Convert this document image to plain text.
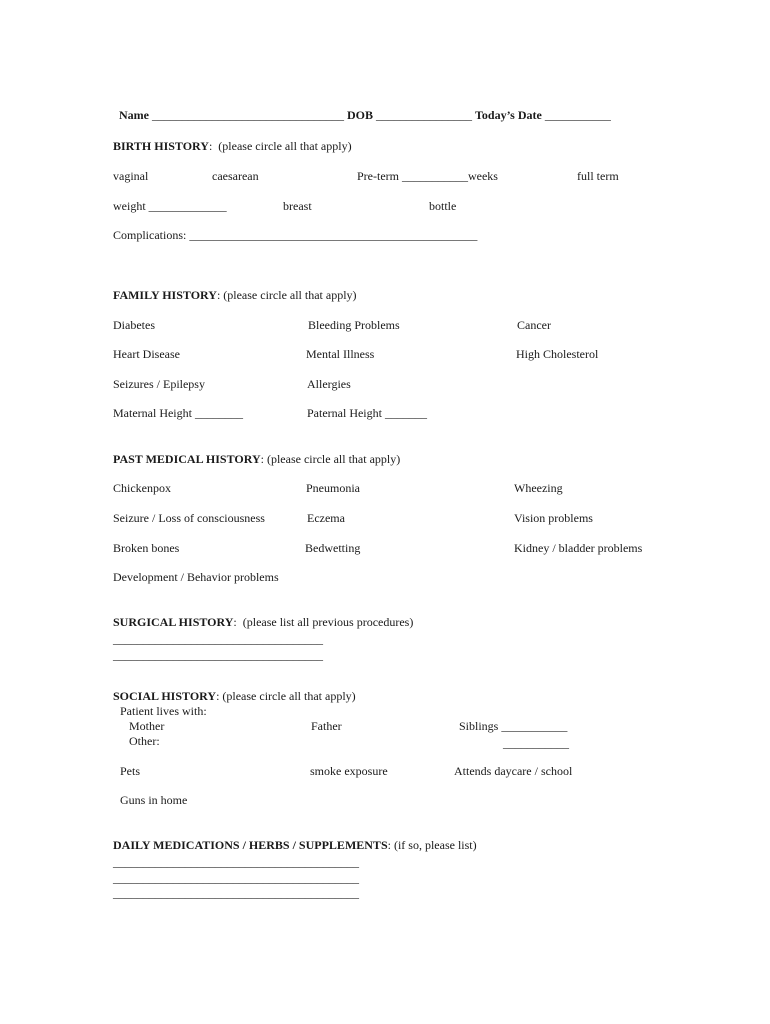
Name ________________________________ DOB ________________ Today’s Date ___________

BIRTH HISTORY:  (please circle all that apply)
vaginal	caesarean	Pre-term ___________weeks	full term
weight _____________	breast	bottle
Complications: ________________________________________________
FAMILY HISTORY: (please circle all that apply)
Diabetes	Bleeding Problems	Cancer
Heart Disease	Mental Illness	High Cholesterol
Seizures / Epilepsy	Allergies
Maternal Height ________	Paternal Height _______
PAST MEDICAL HISTORY: (please circle all that apply)
Chickenpox	Pneumonia	Wheezing
Seizure / Loss of consciousness	Eczema	Vision problems
Broken bones	Bedwetting	Kidney / bladder problems
Development / Behavior problems
SURGICAL HISTORY:  (please list all previous procedures)
___________________________________
___________________________________
SOCIAL HISTORY: (please circle all that apply)
Patient lives with:
Mother	Father	Siblings ___________
Other:	___________
Pets	smoke exposure	Attends daycare / school
Guns in home
DAILY MEDICATIONS / HERBS / SUPPLEMENTS: (if so, please list)
_________________________________________
_________________________________________
_________________________________________
